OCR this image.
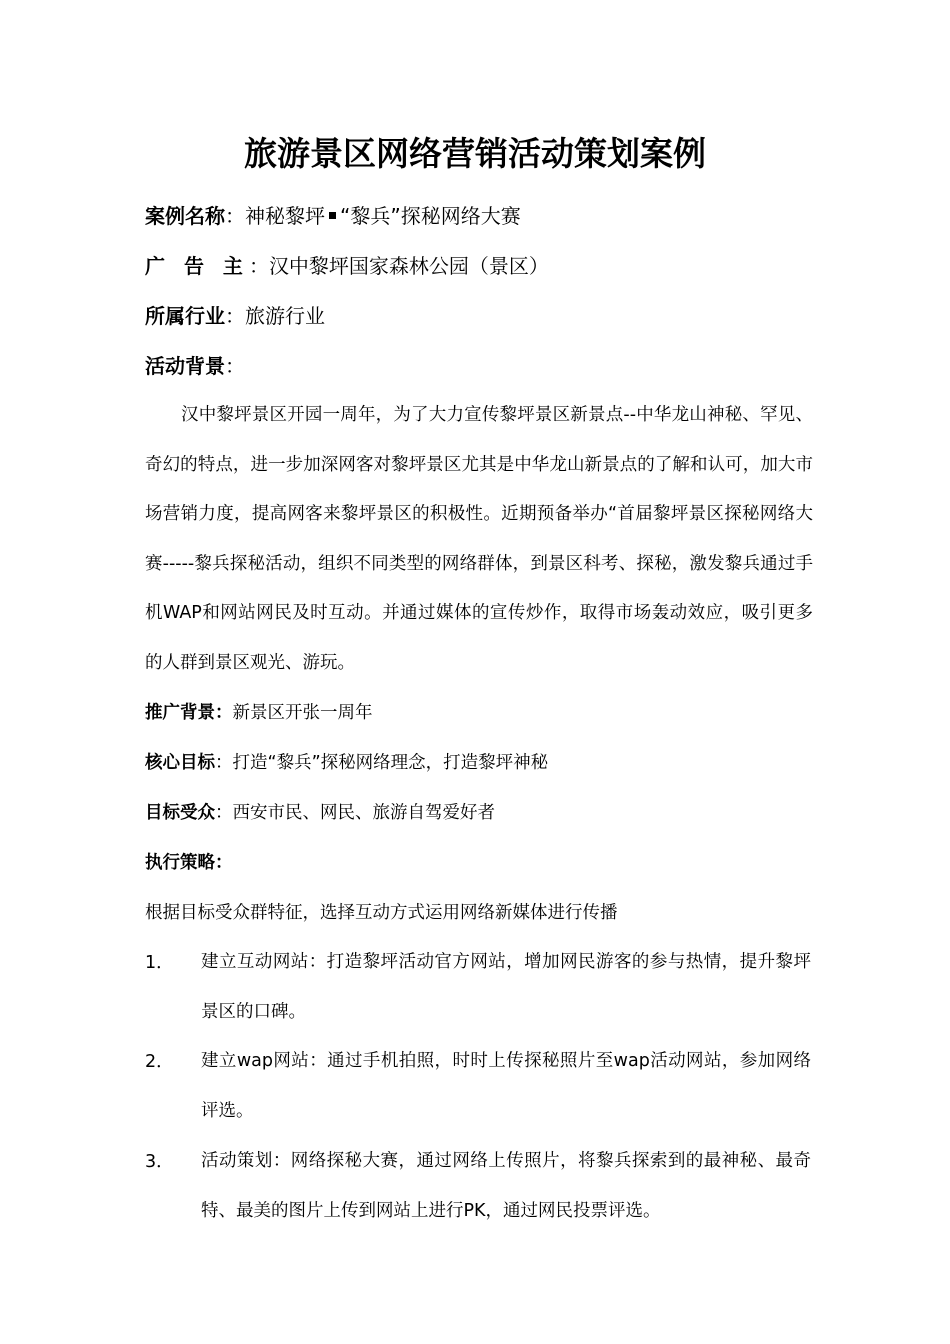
旅游景区网络营销活动策划案例
案例名称：神秘黎坪 “黎兵”探秘网络大赛
广 告 主：汉中黎坪国家森林公园（景区）
所属行业：旅游行业
活动背景：
汉中黎坪景区开园一周年，为了大力宣传黎坪景区新景点--中华龙山神秘、罕见、奇幻的特点，进一步加深网客对黎坪景区尤其是中华龙山新景点的了解和认可，加大市场营销力度，提高网客来黎坪景区的积极性。近期预备举办“首届黎坪景区探秘网络大赛-----黎兵探秘活动，组织不同类型的网络群体，到景区科考、探秘，激发黎兵通过手机WAP和网站网民及时互动。并通过媒体的宣传炒作，取得市场轰动效应，吸引更多的人群到景区观光、游玩。
推广背景：新景区开张一周年
核心目标：打造“黎兵”探秘网络理念，打造黎坪神秘
目标受众：西安市民、网民、旅游自驾爱好者
执行策略：
根据目标受众群特征，选择互动方式运用网络新媒体进行传播
1． 建立互动网站：打造黎坪活动官方网站，增加网民游客的参与热情，提升黎坪景区的口碑。
2． 建立wap网站：通过手机拍照，时时上传探秘照片至wap活动网站，参加网络评选。
3． 活动策划：网络探秘大赛，通过网络上传照片，将黎兵探索到的最神秘、最奇特、最美的图片上传到网站上进行PK，通过网民投票评选。
